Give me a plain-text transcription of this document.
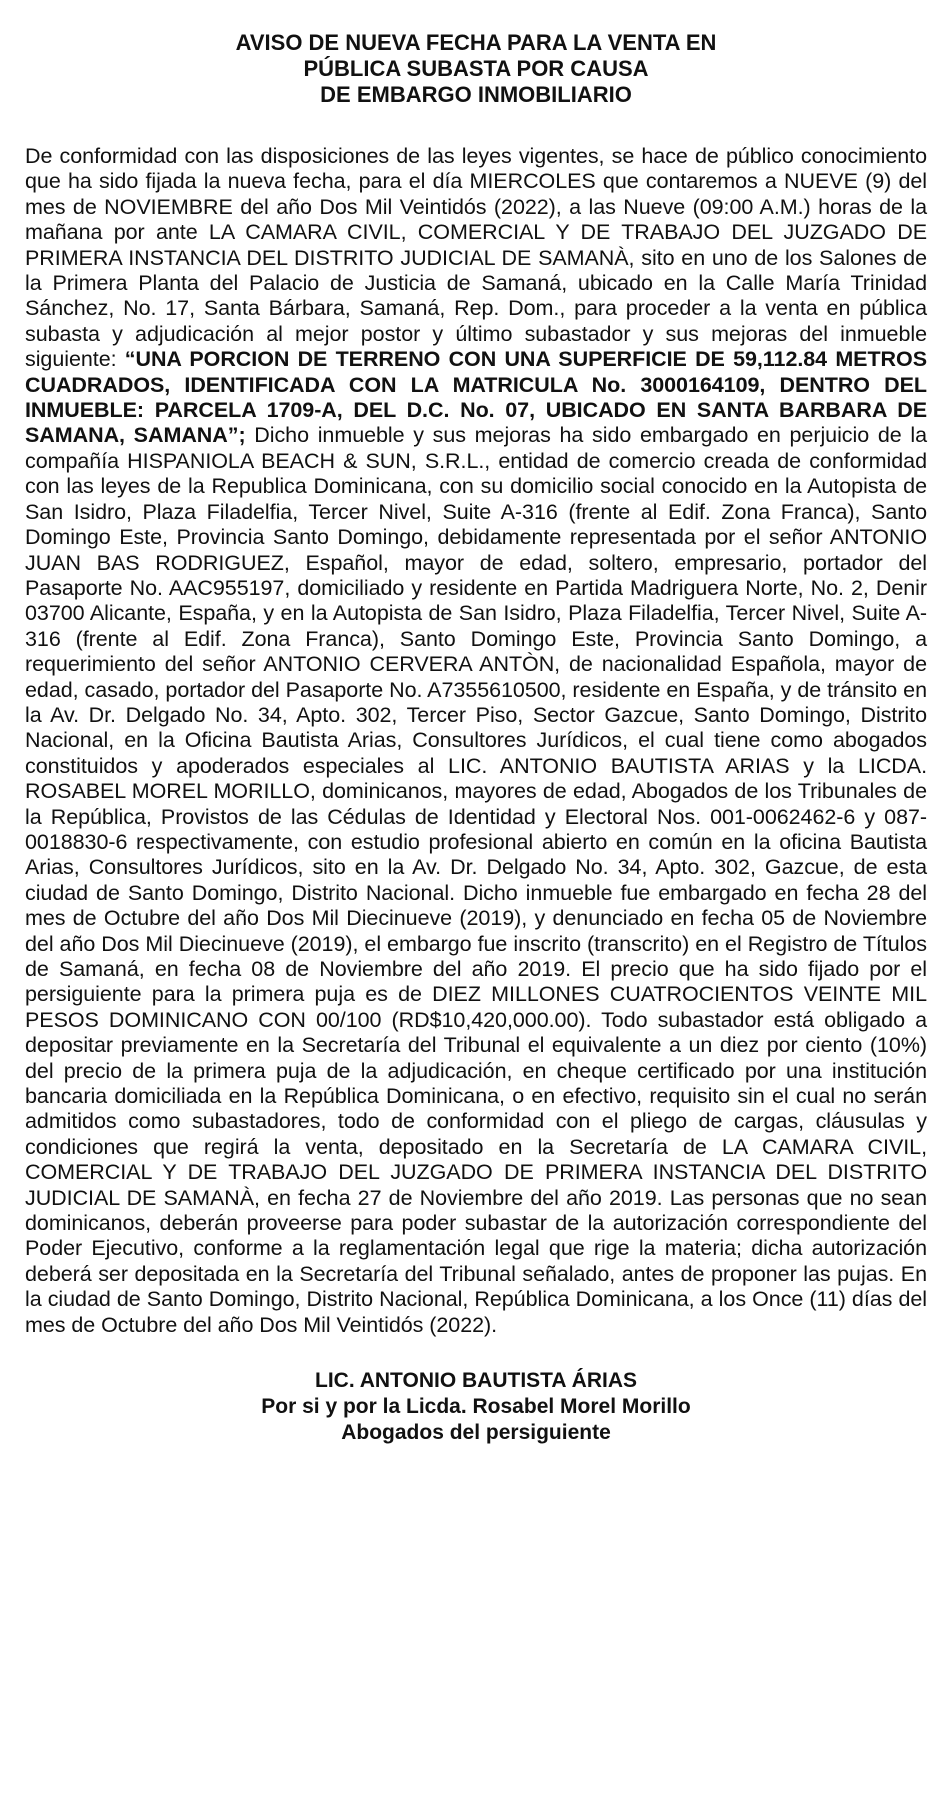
AVISO DE NUEVA FECHA PARA LA VENTA EN
PÚBLICA SUBASTA POR CAUSA
DE EMBARGO INMOBILIARIO

De conformidad con las disposiciones de las leyes vigentes, se hace de público conocimiento que ha sido fijada la nueva fecha, para el día MIERCOLES que contaremos a NUEVE (9) del mes de NOVIEMBRE del año Dos Mil Veintidós (2022), a las Nueve (09:00 A.M.) horas de la mañana por ante LA CAMARA CIVIL, COMERCIAL Y DE TRABAJO DEL JUZGADO DE PRIMERA INSTANCIA DEL DISTRITO JUDICIAL DE SAMANÀ, sito en uno de los Salones de la Primera Planta del Palacio de Justicia de Samaná, ubicado en la Calle María Trinidad Sánchez, No. 17, Santa Bárbara, Samaná, Rep. Dom., para proceder a la venta en pública subasta y adjudicación al mejor postor y último subastador y sus mejoras del inmueble siguiente: “UNA PORCION DE TERRENO CON UNA SUPERFICIE DE 59,112.84 METROS CUADRADOS, IDENTIFICADA CON LA MATRICULA No. 3000164109, DENTRO DEL INMUEBLE: PARCELA 1709-A, DEL D.C. No. 07, UBICADO EN SANTA BARBARA DE SAMANA, SAMANA”; Dicho inmueble y sus mejoras ha sido embargado en perjuicio de la compañía HISPANIOLA BEACH & SUN, S.R.L., entidad de comercio creada de conformidad con las leyes de la Republica Dominicana, con su domicilio social conocido en la Autopista de San Isidro, Plaza Filadelfia, Tercer Nivel, Suite A-316 (frente al Edif. Zona Franca), Santo Domingo Este, Provincia Santo Domingo, debidamente representada por el señor ANTONIO JUAN BAS RODRIGUEZ, Español, mayor de edad, soltero, empresario, portador del Pasaporte No. AAC955197, domiciliado y residente en Partida Madriguera Norte, No. 2, Denir 03700 Alicante, España, y en la Autopista de San Isidro, Plaza Filadelfia, Tercer Nivel, Suite A-316 (frente al Edif. Zona Franca), Santo Domingo Este, Provincia Santo Domingo, a requerimiento del señor ANTONIO CERVERA ANTÒN, de nacionalidad Española, mayor de edad, casado, portador del Pasaporte No. A7355610500, residente en España, y de tránsito en la Av. Dr. Delgado No. 34, Apto. 302, Tercer Piso, Sector Gazcue, Santo Domingo, Distrito Nacional, en la Oficina Bautista Arias, Consultores Jurídicos, el cual tiene como abogados constituidos y apoderados especiales al LIC. ANTONIO BAUTISTA ARIAS y la LICDA. ROSABEL MOREL MORILLO, dominicanos, mayores de edad, Abogados de los Tribunales de la República, Provistos de las Cédulas de Identidad y Electoral Nos. 001-0062462-6 y 087-0018830-6 respectivamente, con estudio profesional abierto en común en la oficina Bautista Arias, Consultores Jurídicos, sito en la Av. Dr. Delgado No. 34, Apto. 302, Gazcue, de esta ciudad de Santo Domingo, Distrito Nacional. Dicho inmueble fue embargado en fecha 28 del mes de Octubre del año Dos Mil Diecinueve (2019), y denunciado en fecha 05 de Noviembre del año Dos Mil Diecinueve (2019), el embargo fue inscrito (transcrito) en el Registro de Títulos de Samaná, en fecha 08 de Noviembre del año 2019. El precio que ha sido fijado por el persiguiente para la primera puja es de DIEZ MILLONES CUATROCIENTOS VEINTE MIL PESOS DOMINICANO CON 00/100 (RD$10,420,000.00). Todo subastador está obligado a depositar previamente en la Secretaría del Tribunal el equivalente a un diez por ciento (10%) del precio de la primera puja de la adjudicación, en cheque certificado por una institución bancaria domiciliada en la República Dominicana, o en efectivo, requisito sin el cual no serán admitidos como subastadores, todo de conformidad con el pliego de cargas, cláusulas y condiciones que regirá la venta, depositado en la Secretaría de LA CAMARA CIVIL, COMERCIAL Y DE TRABAJO DEL JUZGADO DE PRIMERA INSTANCIA DEL DISTRITO JUDICIAL DE SAMANÀ, en fecha 27 de Noviembre del año 2019. Las personas que no sean dominicanos, deberán proveerse para poder subastar de la autorización correspondiente del Poder Ejecutivo, conforme a la reglamentación legal que rige la materia; dicha autorización deberá ser depositada en la Secretaría del Tribunal señalado, antes de proponer las pujas. En la ciudad de Santo Domingo, Distrito Nacional, República Dominicana, a los Once (11) días del mes de Octubre del año Dos Mil Veintidós (2022).

LIC. ANTONIO BAUTISTA ÁRIAS
Por si y por la Licda. Rosabel Morel Morillo
Abogados del persiguiente
